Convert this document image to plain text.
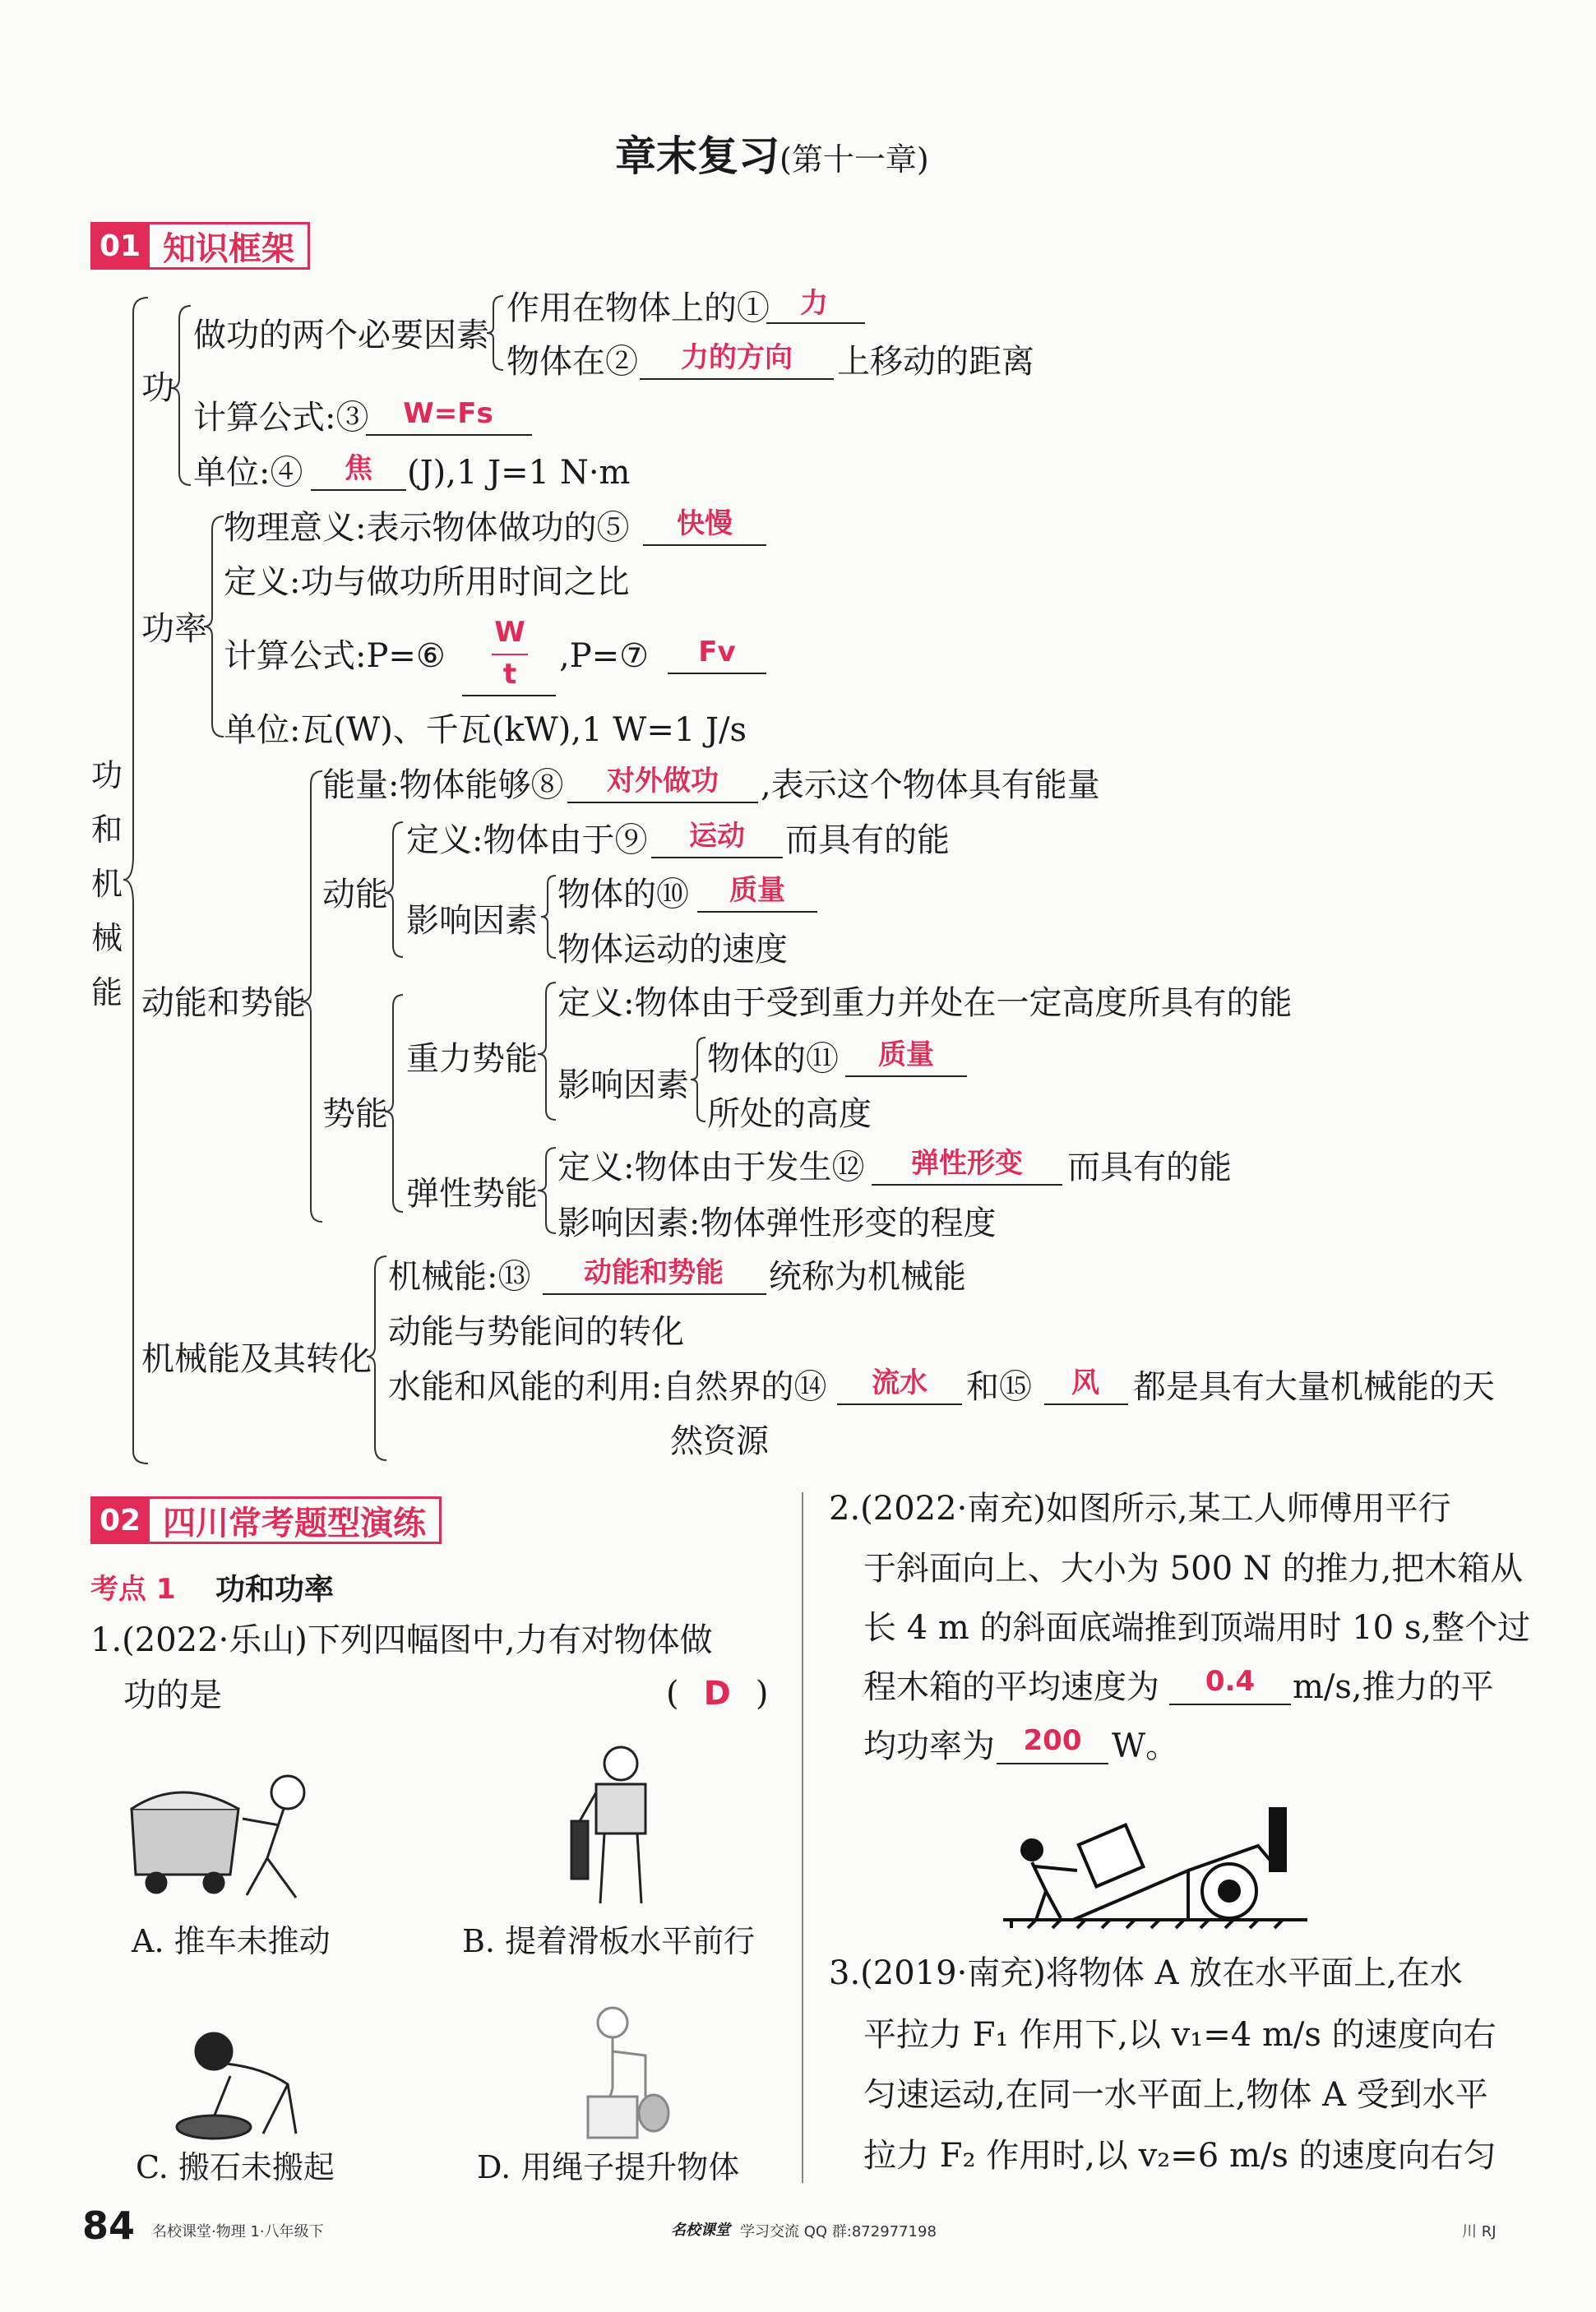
章末复习(第十一章)
01 知识框架
功
和
机
械
能
功
做功的两个必要因素
作用在物体上的①	力
物体在②	力的方向	上移动的距离
计算公式:③	W=Fs
单位:④	焦	(J),1 J=1 N·m
功率
物理意义:表示物体做功的⑤	快慢
定义:功与做功所用时间之比
计算公式:P=⑥
W
t	,P=⑦	Fv
单位:瓦(W)、千瓦(kW),1 W=1 J/s
动能和势能
能量:物体能够⑧	对外做功	,表示这个物体具有能量
动能
定义:物体由于⑨	运动	而具有的能
影响因素
物体的⑩	质量
物体运动的速度
势能
重力势能
定义:物体由于受到重力并处在一定高度所具有的能
影响因素
物体的⑪	质量
所处的高度
弹性势能
定义:物体由于发生⑫	弹性形变	而具有的能
影响因素:物体弹性形变的程度
机械能及其转化
机械能:⑬	动能和势能	统称为机械能
动能与势能间的转化
水能和风能的利用:自然界的⑭	流水	和⑮	风	都是具有大量机械能的天
然资源
02 四川常考题型演练
考点 1 功和功率
1.(2022·乐山)下列四幅图中,力有对物体做
功的是	( D )
A. 推车未推动	B. 提着滑板水平前行
C. 搬石未搬起	D. 用绳子提升物体
2.(2022·南充)如图所示,某工人师傅用平行
于斜面向上、大小为 500 N 的推力,把木箱从
长 4 m 的斜面底端推到顶端用时 10 s,整个过
程木箱的平均速度为	0.4	m/s,推力的平
均功率为	200 W。
3.(2019·南充)将物体 A 放在水平面上,在水
平拉力 F₁ 作用下,以 v₁=4 m/s 的速度向右
匀速运动,在同一水平面上,物体 A 受到水平
拉力 F₂ 作用时,以 v₂=6 m/s 的速度向右匀
84 名校课堂·物理 1·八年级下	名校课堂 学习交流 QQ 群:872977198	川 RJ
